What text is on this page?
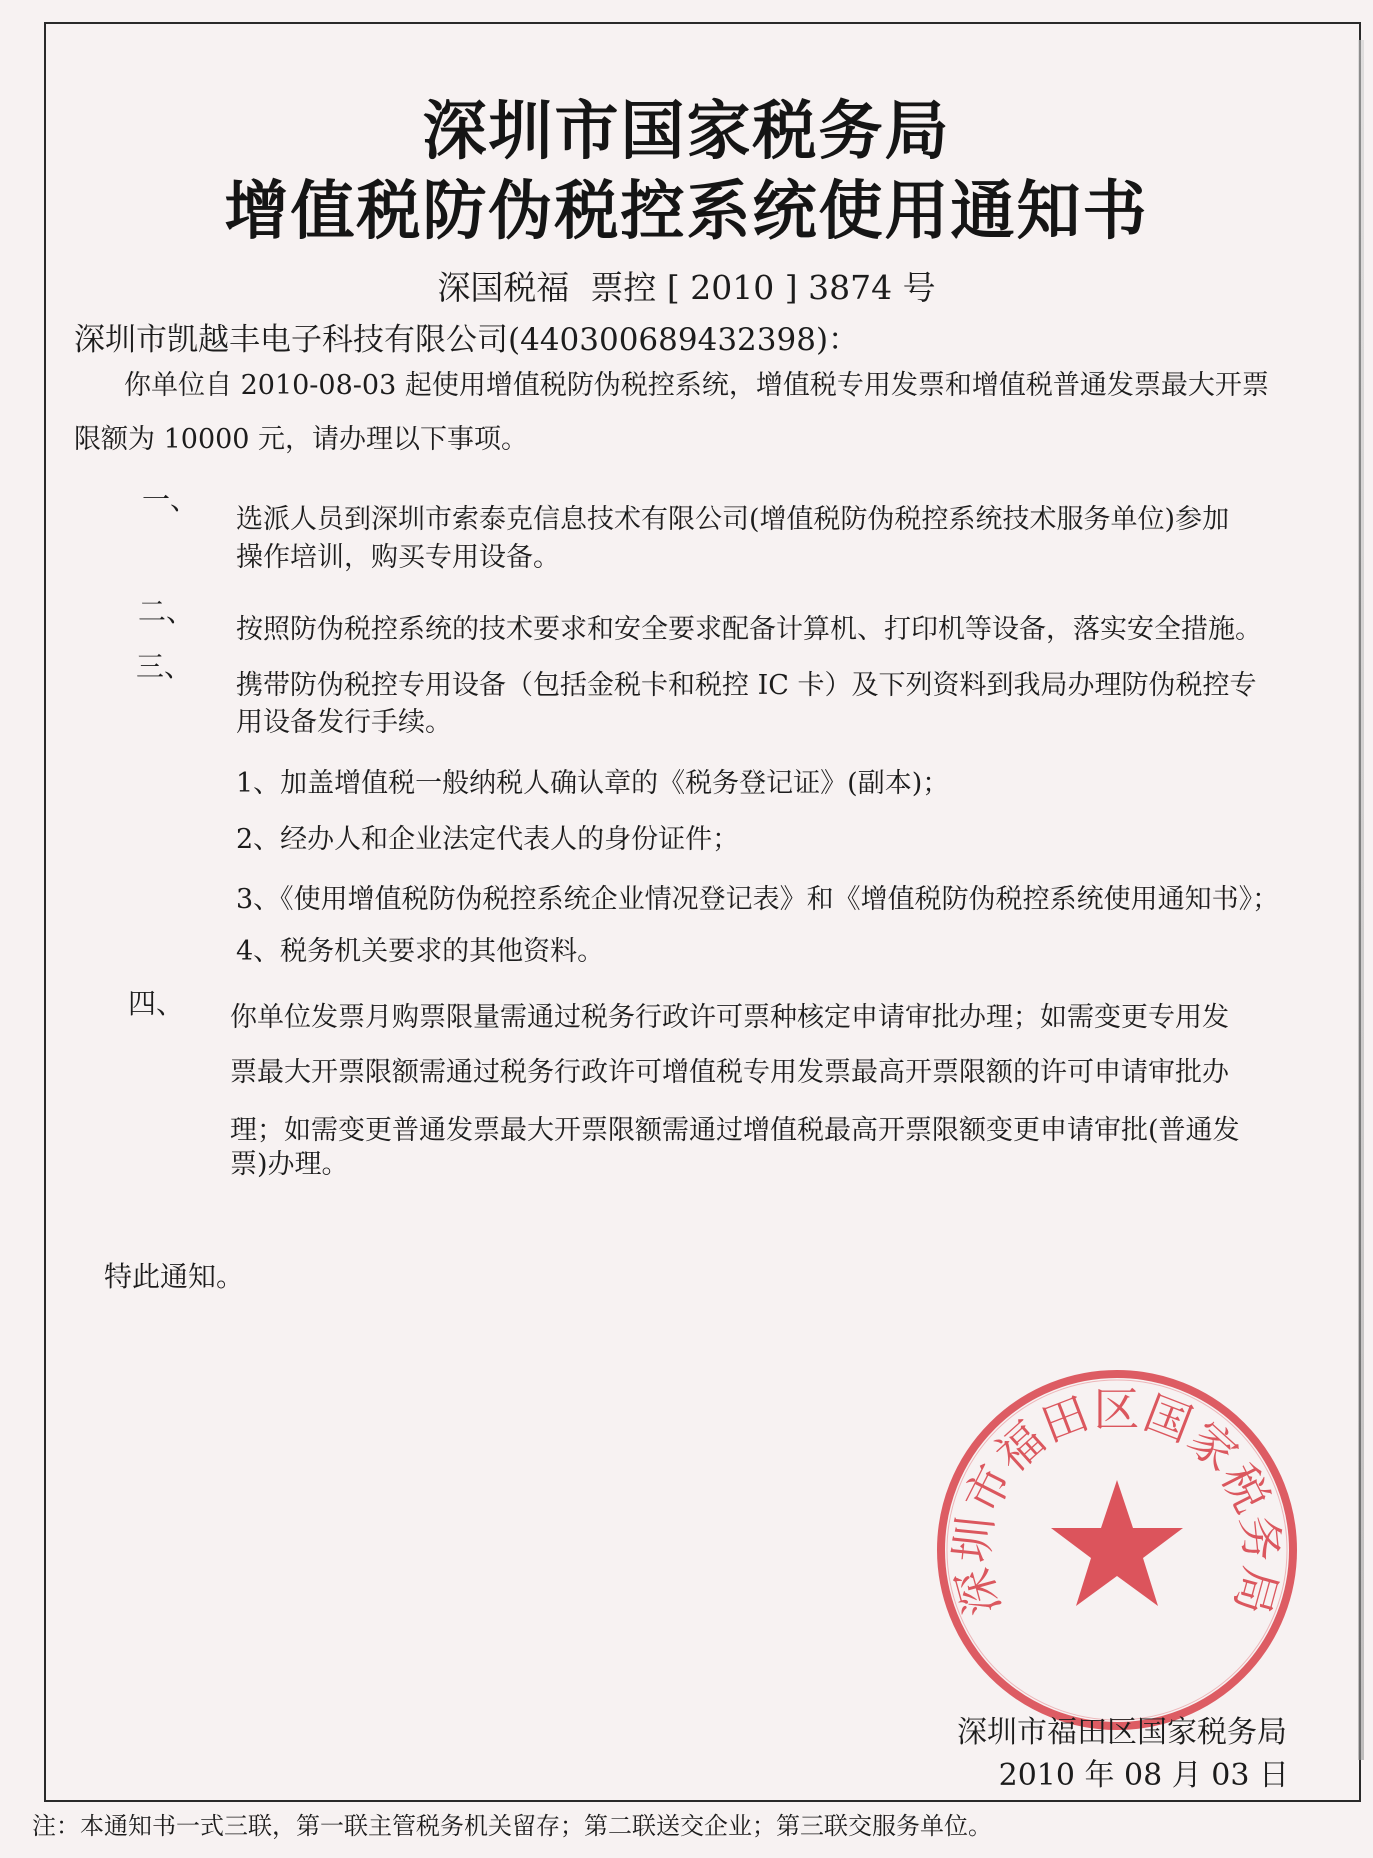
深圳市国家税务局
增值税防伪税控系统使用通知书
深国税福  票控 [ 2010 ] 3874 号
深圳市凯越丰电子科技有限公司(440300689432398)：
你单位自 2010-08-03 起使用增值税防伪税控系统，增值税专用发票和增值税普通发票最大开票
限额为 10000 元，请办理以下事项。
一、
选派人员到深圳市索泰克信息技术有限公司(增值税防伪税控系统技术服务单位)参加
操作培训，购买专用设备。
二、
按照防伪税控系统的技术要求和安全要求配备计算机、打印机等设备，落实安全措施。
三、
携带防伪税控专用设备（包括金税卡和税控 IC 卡）及下列资料到我局办理防伪税控专
用设备发行手续。
1、加盖增值税一般纳税人确认章的《税务登记证》(副本)；
2、经办人和企业法定代表人的身份证件；
3、《使用增值税防伪税控系统企业情况登记表》和《增值税防伪税控系统使用通知书》；
4、税务机关要求的其他资料。
四、 你单位发票月购票限量需通过税务行政许可票种核定申请审批办理；如需变更专用发
票最大开票限额需通过税务行政许可增值税专用发票最高开票限额的许可申请审批办
理；如需变更普通发票最大开票限额需通过增值税最高开票限额变更申请审批(普通发
票)办理。
特此通知。
深圳市福田区国家税务局
深圳市福田区国家税务局
2010 年 08 月 03 日
注：本通知书一式三联，第一联主管税务机关留存；第二联送交企业；第三联交服务单位。
